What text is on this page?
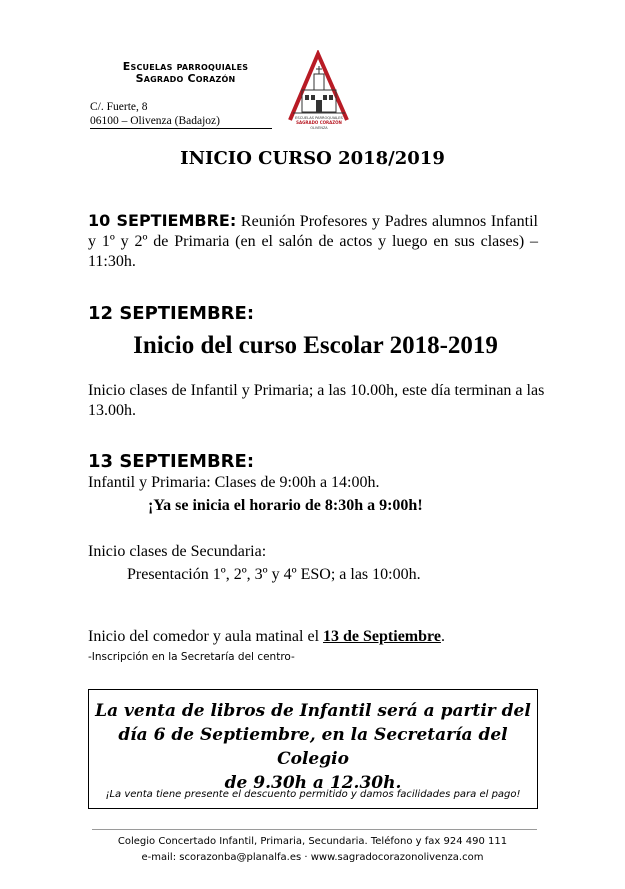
Escuelas parroquiales
Sagrado Corazón
C/. Fuerte, 8
06100 – Olivenza (Badajoz)	ESCUELAS PARROQUIALES
SAGRADO CORAZÓN
OLIVENZA
INICIO CURSO 2018/2019
10 SEPTIEMBRE: Reunión Profesores y Padres alumnos Infantil y 1º y 2º de Primaria (en el salón de actos y luego en sus clases) – 11:30h.
12 SEPTIEMBRE:
Inicio del curso Escolar 2018-2019
Inicio clases de Infantil y Primaria; a las 10.00h, este día terminan a las 13.00h.
13 SEPTIEMBRE:
Infantil y Primaria: Clases de 9:00h a 14:00h.
¡Ya se inicia el horario de 8:30h a 9:00h!
Inicio clases de Secundaria:
Presentación 1º, 2º, 3º y 4º ESO; a las 10:00h.
Inicio del comedor y aula matinal el 13 de Septiembre.
-Inscripción en la Secretaría del centro-
La venta de libros de Infantil será a partir del
día 6 de Septiembre, en la Secretaría del Colegio
de 9.30h a 12.30h.
¡La venta tiene presente el descuento permitido y damos facilidades para el pago!
Colegio Concertado Infantil, Primaria, Secundaria. Teléfono y fax 924 490 111
e-mail: scorazonba@planalfa.es · www.sagradocorazonolivenza.com
